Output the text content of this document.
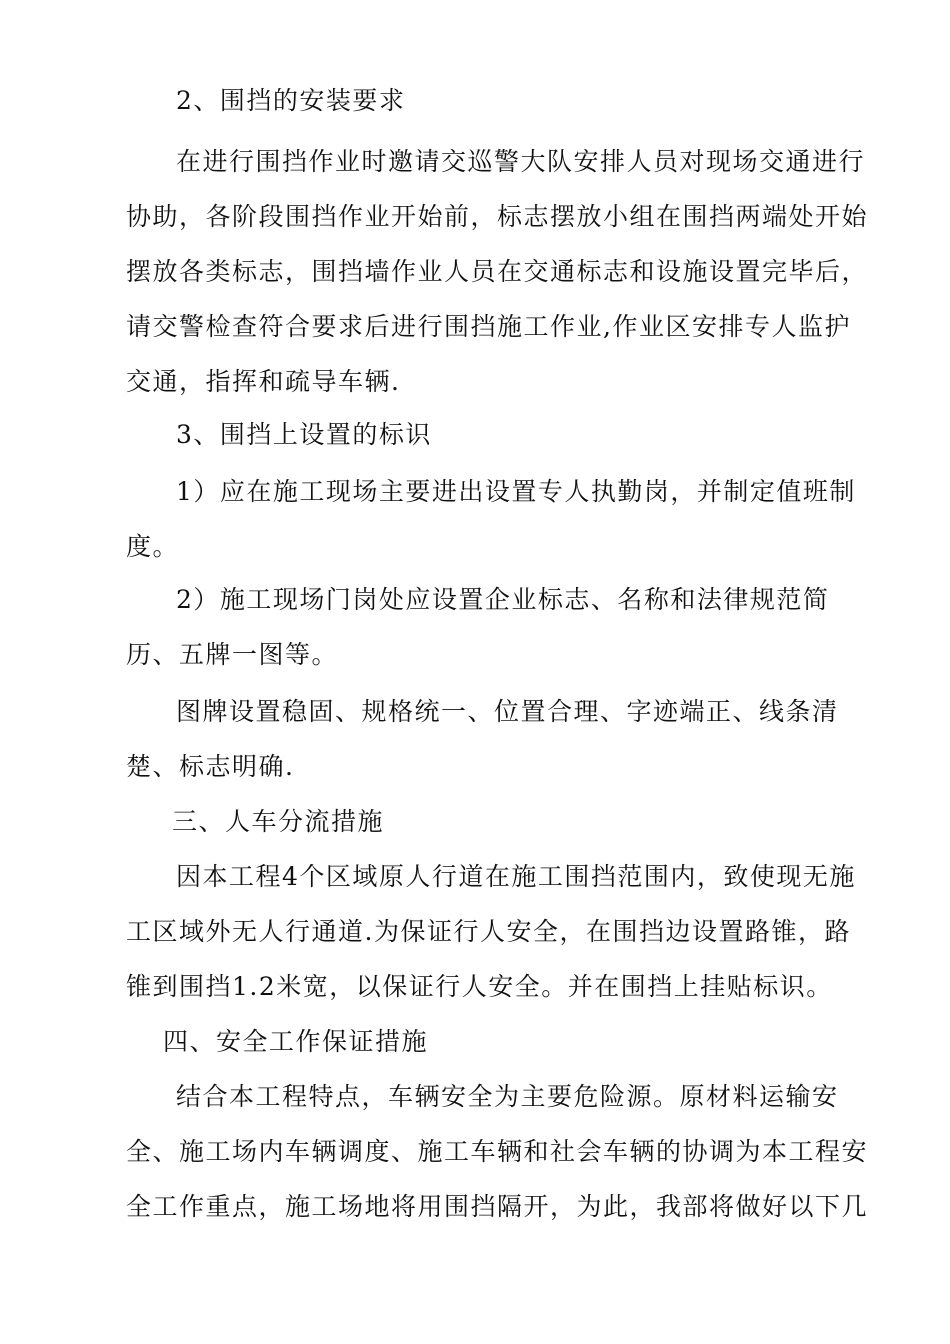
2、围挡的安装要求
在进行围挡作业时邀请交巡警大队安排人员对现场交通进行
协助，各阶段围挡作业开始前，标志摆放小组在围挡两端处开始
摆放各类标志，围挡墙作业人员在交通标志和设施设置完毕后，
请交警检查符合要求后进行围挡施工作业,作业区安排专人监护
交通，指挥和疏导车辆.
3、围挡上设置的标识
1）应在施工现场主要进出设置专人执勤岗，并制定值班制
度。
2）施工现场门岗处应设置企业标志、名称和法律规范简
历、五牌一图等。
图牌设置稳固、规格统一、位置合理、字迹端正、线条清
楚、标志明确.
三、人车分流措施
因本工程4个区域原人行道在施工围挡范围内，致使现无施
工区域外无人行通道.为保证行人安全，在围挡边设置路锥，路
锥到围挡1.2米宽，以保证行人安全。并在围挡上挂贴标识。
四、安全工作保证措施
结合本工程特点，车辆安全为主要危险源。原材料运输安
全、施工场内车辆调度、施工车辆和社会车辆的协调为本工程安
全工作重点，施工场地将用围挡隔开，为此，我部将做好以下几
